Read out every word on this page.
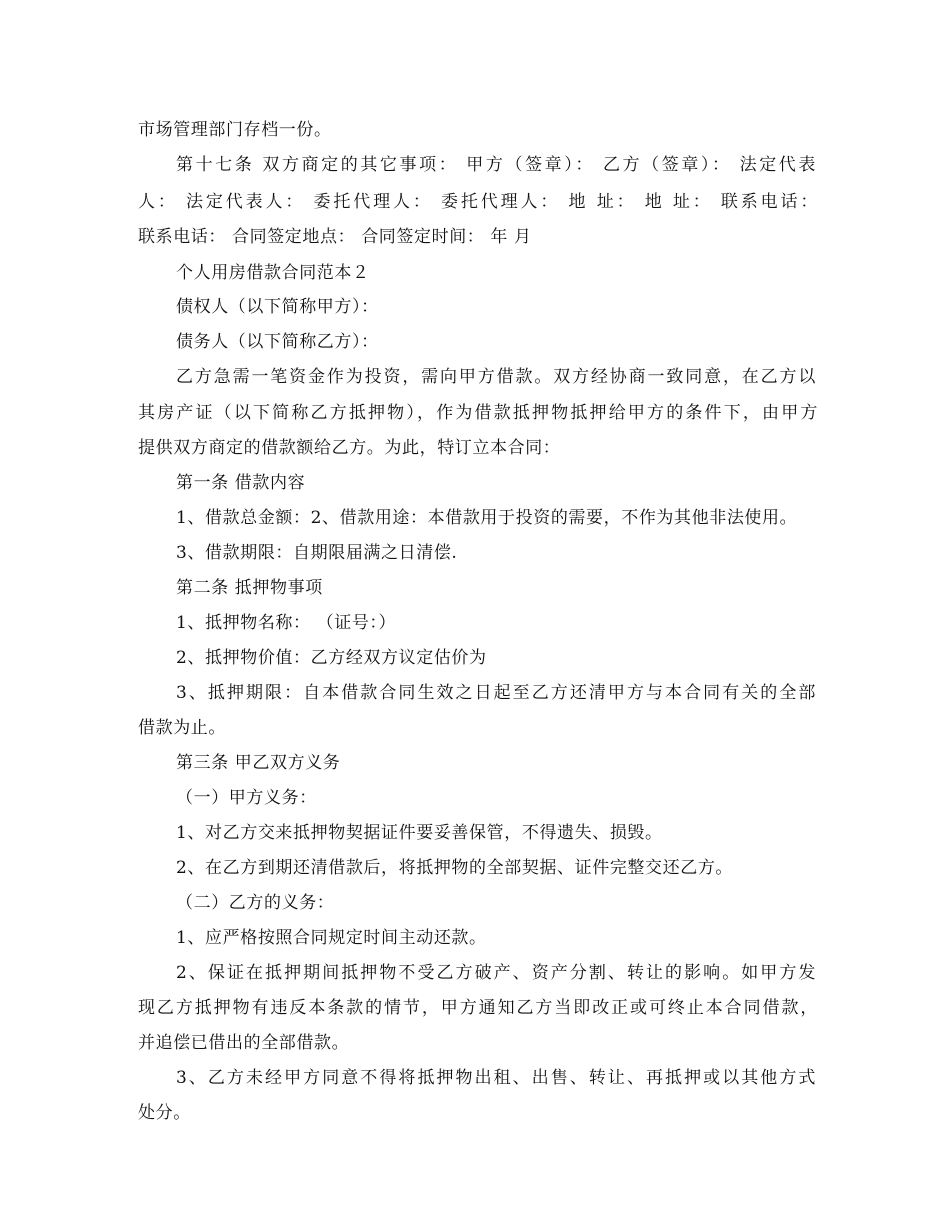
市场管理部门存档一份。
第十七条 双方商定的其它事项： 甲方（签章）： 乙方（签章）： 法定代表
人： 法定代表人： 委托代理人： 委托代理人： 地 址： 地 址： 联系电话：
联系电话： 合同签定地点： 合同签定时间： 年 月
个人用房借款合同范本２
债权人（以下简称甲方）：
债务人（以下简称乙方）：
乙方急需一笔资金作为投资，需向甲方借款。双方经协商一致同意，在乙方以
其房产证（以下简称乙方抵押物），作为借款抵押物抵押给甲方的条件下，由甲方
提供双方商定的借款额给乙方。为此，特订立本合同：
第一条 借款内容
1、借款总金额：2、借款用途：本借款用于投资的需要，不作为其他非法使用。
3、借款期限：自期限届满之日清偿.
第二条 抵押物事项
1、抵押物名称： （证号：）
2、抵押物价值：乙方经双方议定估价为
3、抵押期限：自本借款合同生效之日起至乙方还清甲方与本合同有关的全部
借款为止。
第三条 甲乙双方义务
（一）甲方义务：
1、对乙方交来抵押物契据证件要妥善保管，不得遗失、损毁。
2、在乙方到期还清借款后，将抵押物的全部契据、证件完整交还乙方。
（二）乙方的义务：
1、应严格按照合同规定时间主动还款。
2、保证在抵押期间抵押物不受乙方破产、资产分割、转让的影响。如甲方发
现乙方抵押物有违反本条款的情节，甲方通知乙方当即改正或可终止本合同借款，
并追偿已借出的全部借款。
3、乙方未经甲方同意不得将抵押物出租、出售、转让、再抵押或以其他方式
处分。
